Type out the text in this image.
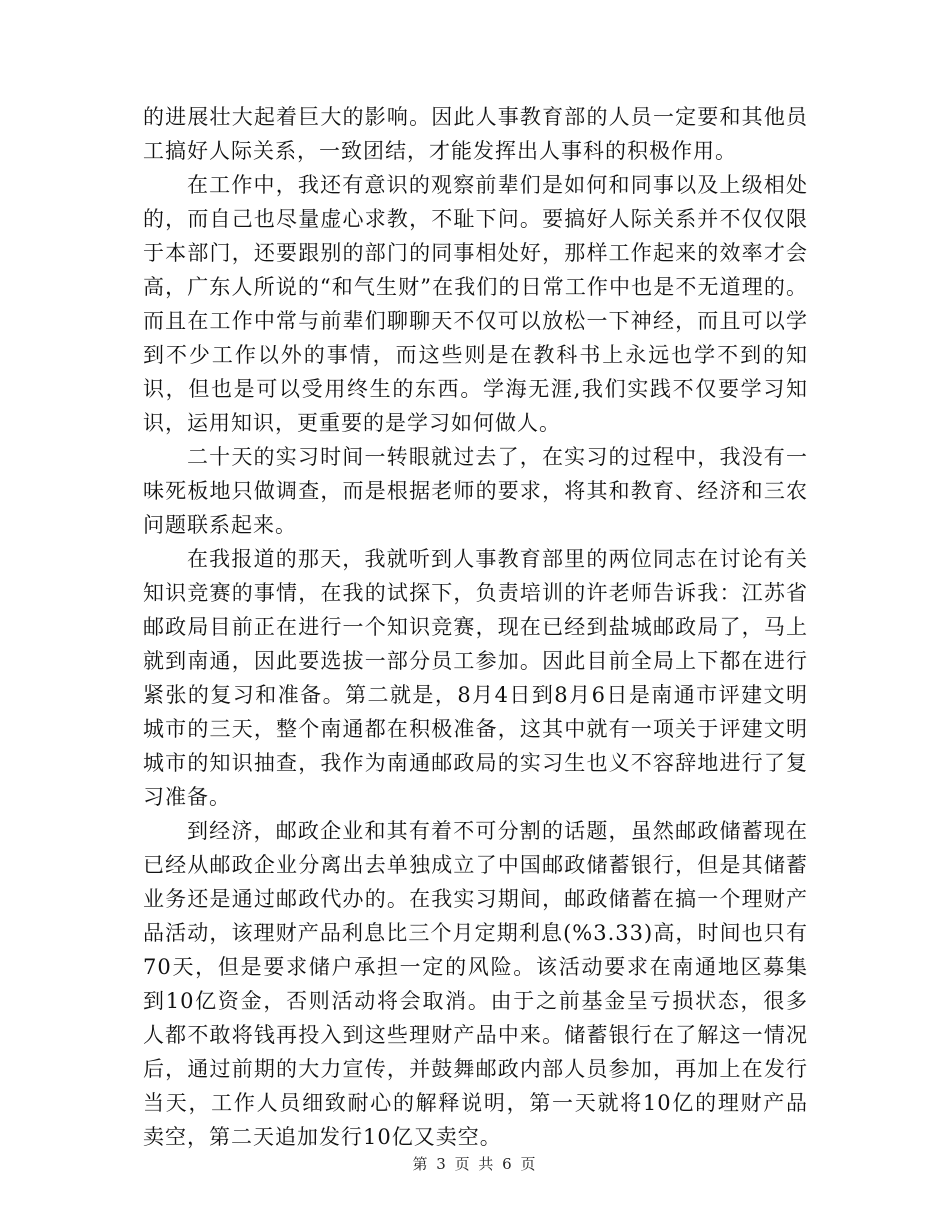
的进展壮大起着巨大的影响。因此人事教育部的人员一定要和其他员工搞好人际关系，一致团结，才能发挥出人事科的积极作用。

在工作中，我还有意识的观察前辈们是如何和同事以及上级相处的，而自己也尽量虚心求教，不耻下问。要搞好人际关系并不仅仅限于本部门，还要跟别的部门的同事相处好，那样工作起来的效率才会高，广东人所说的“和气生财”在我们的日常工作中也是不无道理的。而且在工作中常与前辈们聊聊天不仅可以放松一下神经，而且可以学到不少工作以外的事情，而这些则是在教科书上永远也学不到的知识，但也是可以受用终生的东西。学海无涯,我们实践不仅要学习知识，运用知识，更重要的是学习如何做人。

二十天的实习时间一转眼就过去了，在实习的过程中，我没有一味死板地只做调查，而是根据老师的要求，将其和教育、经济和三农问题联系起来。

在我报道的那天，我就听到人事教育部里的两位同志在讨论有关知识竞赛的事情，在我的试探下，负责培训的许老师告诉我：江苏省邮政局目前正在进行一个知识竞赛，现在已经到盐城邮政局了，马上就到南通，因此要选拔一部分员工参加。因此目前全局上下都在进行紧张的复习和准备。第二就是，8月4日到8月6日是南通市评建文明城市的三天，整个南通都在积极准备，这其中就有一项关于评建文明城市的知识抽查，我作为南通邮政局的实习生也义不容辞地进行了复习准备。

到经济，邮政企业和其有着不可分割的话题，虽然邮政储蓄现在已经从邮政企业分离出去单独成立了中国邮政储蓄银行，但是其储蓄业务还是通过邮政代办的。在我实习期间，邮政储蓄在搞一个理财产品活动，该理财产品利息比三个月定期利息(%3.33)高，时间也只有70天，但是要求储户承担一定的风险。该活动要求在南通地区募集到10亿资金，否则活动将会取消。由于之前基金呈亏损状态，很多人都不敢将钱再投入到这些理财产品中来。储蓄银行在了解这一情况后，通过前期的大力宣传，并鼓舞邮政内部人员参加，再加上在发行当天，工作人员细致耐心的解释说明，第一天就将10亿的理财产品卖空，第二天追加发行10亿又卖空。

第 3 页 共 6 页
